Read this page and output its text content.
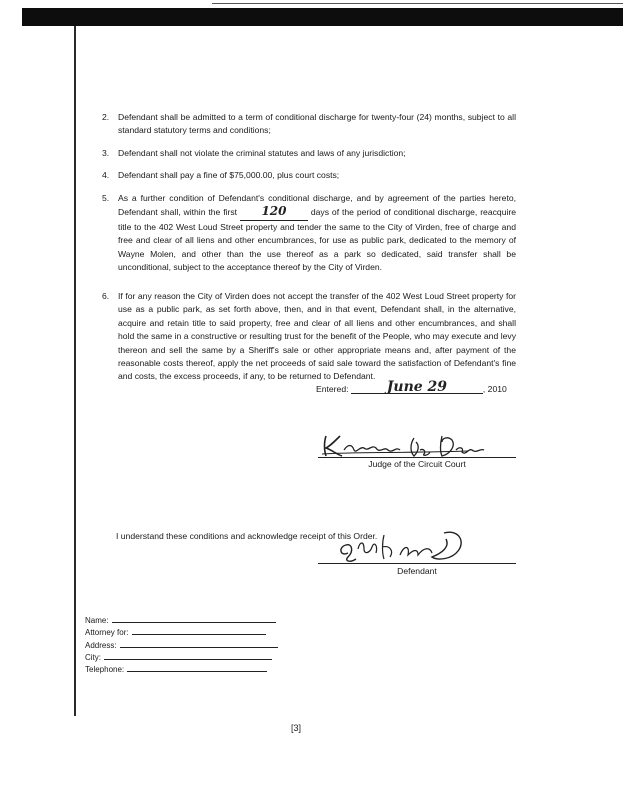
2. Defendant shall be admitted to a term of conditional discharge for twenty-four (24) months, subject to all standard statutory terms and conditions;
3. Defendant shall not violate the criminal statutes and laws of any jurisdiction;
4. Defendant shall pay a fine of $75,000.00, plus court costs;
5. As a further condition of Defendant's conditional discharge, and by agreement of the parties hereto, Defendant shall, within the first 120	days of the period of conditional discharge, reacquire title to the 402 West Loud Street property and tender the same to the City of Virden, free of charge and free and clear of all liens and other encumbrances, for use as public park, dedicated to the memory of Wayne Molen, and other than the use thereof as a park so dedicated, said transfer shall be unconditional, subject to the acceptance thereof by the City of Virden.
6. If for any reason the City of Virden does not accept the transfer of the 402 West Loud Street property for use as a public park, as set forth above, then, and in that event, Defendant shall, in the alternative, acquire and retain title to said property, free and clear of all liens and other encumbrances, and shall hold the same in a constructive or resulting trust for the benefit of the People, who may execute and levy thereon and sell the same by a Sheriff's sale or other appropriate means and, after payment of the reasonable costs thereof, apply the net proceeds of said sale toward the satisfaction of Defendant's fine and costs, the excess proceeds, if any, to be returned to Defendant.
Entered:	June 29	, 2010
Judge of the Circuit Court
I understand these conditions and acknowledge receipt of this Order.
Defendant
Name:
Attorney for:
Address:
City:
Telephone:
[3]
